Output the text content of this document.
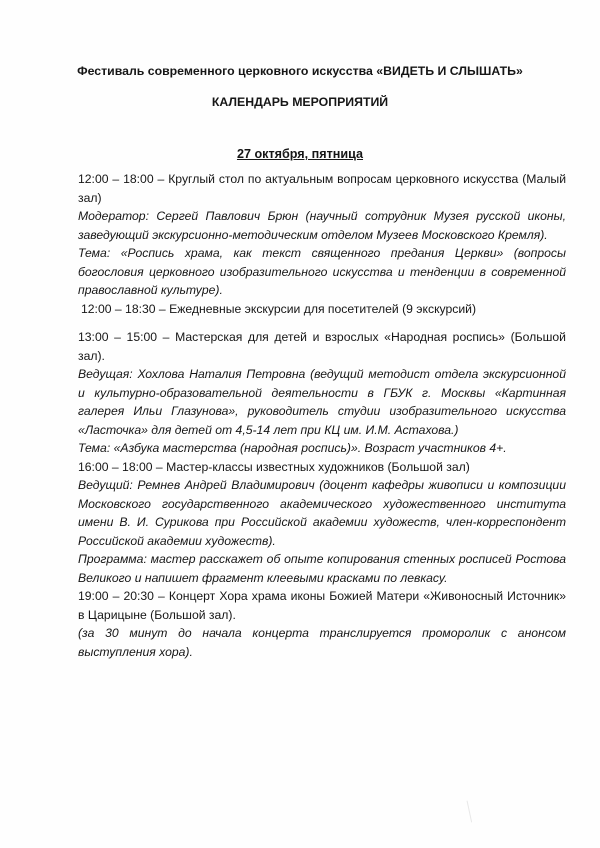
Фестиваль современного церковного искусства «ВИДЕТЬ И СЛЫШАТЬ»

КАЛЕНДАРЬ МЕРОПРИЯТИЙ

27 октября, пятница

12:00 – 18:00 – Круглый стол по актуальным вопросам церковного искусства (Малый зал)

Модератор: Сергей Павлович Брюн (научный сотрудник Музея русской иконы, заведующий экскурсионно-методическим отделом Музеев Московского Кремля).

Тема: «Роспись храма, как текст священного предания Церкви» (вопросы богословия церковного изобразительного искусства и тенденции в современной православной культуре).

12:00 – 18:30 – Ежедневные экскурсии для посетителей (9 экскурсий)

13:00 – 15:00 – Мастерская для детей и взрослых «Народная роспись» (Большой зал).

Ведущая: Хохлова Наталия Петровна (ведущий методист отдела экскурсионной и культурно-образовательной деятельности в ГБУК г. Москвы «Картинная галерея Ильи Глазунова», руководитель студии изобразительного искусства «Ласточка» для детей от 4,5-14 лет при КЦ им. И.М. Астахова.)

Тема: «Азбука мастерства (народная роспись)». Возраст участников 4+.

16:00 – 18:00 – Мастер-классы известных художников (Большой зал)

Ведущий: Ремнев Андрей Владимирович (доцент кафедры живописи и композиции Московского государственного академического художественного института имени В. И. Сурикова при Российской академии художеств, член-корреспондент Российской академии художеств).

Программа: мастер расскажет об опыте копирования стенных росписей Ростова Великого и напишет фрагмент клеевыми красками по левкасу.

19:00 – 20:30 – Концерт Хора храма иконы Божией Матери «Живоносный Источник» в Царицыне (Большой зал).

(за 30 минут до начала концерта транслируется проморолик с анонсом выступления хора).
